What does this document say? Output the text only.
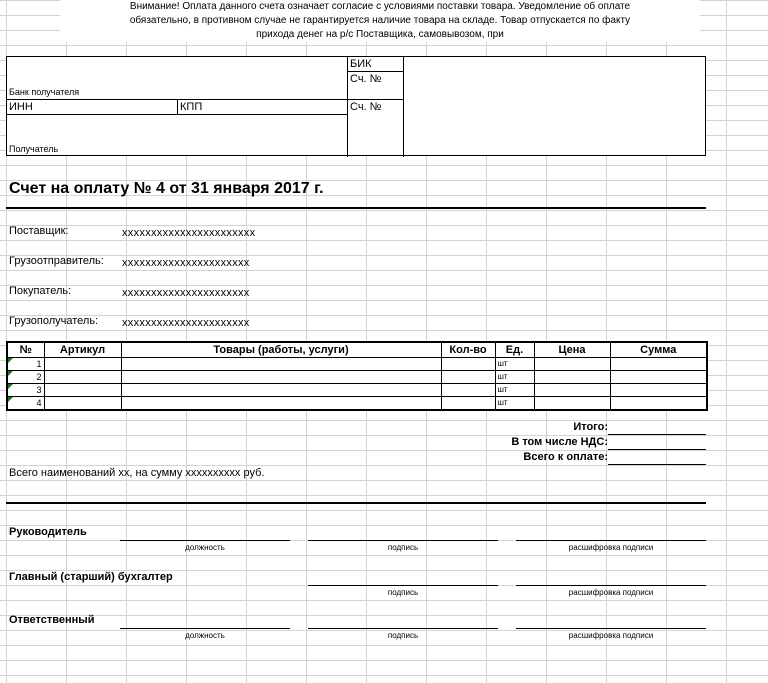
Внимание! Оплата данного счета означает согласие с условиями поставки товара. Уведомление об оплате
обязательно, в противном случае не гарантируется наличие товара на складе. Товар отпускается по факту
прихода денег на р/с Поставщика, самовывозом, при
Банк получателя
БИК
Сч. №
ИНН	КПП	Сч. №
Получатель
Счет на оплату № 4 от 31 января 2017 г.
Поставщик:	xxxxxxxxxxxxxxxxxxxxxxx
Грузоотправитель: xxxxxxxxxxxxxxxxxxxxxx
Покупатель:	xxxxxxxxxxxxxxxxxxxxxx
Грузополучатель: xxxxxxxxxxxxxxxxxxxxxx
№	Артикул	Товары (работы, услуги)	Кол-во	Ед.	Цена	Сумма
1				шт		
2				шт		
3				шт		
4				шт		
Итого:
В том числе НДС:
Всего к оплате:
Всего наименований xx, на сумму xxxxxxxxxx руб.
Руководитель
должность	подпись	расшифровка подписи
Главный (старший) бухгалтер
подпись	расшифровка подписи
Ответственный
должность	подпись	расшифровка подписи
